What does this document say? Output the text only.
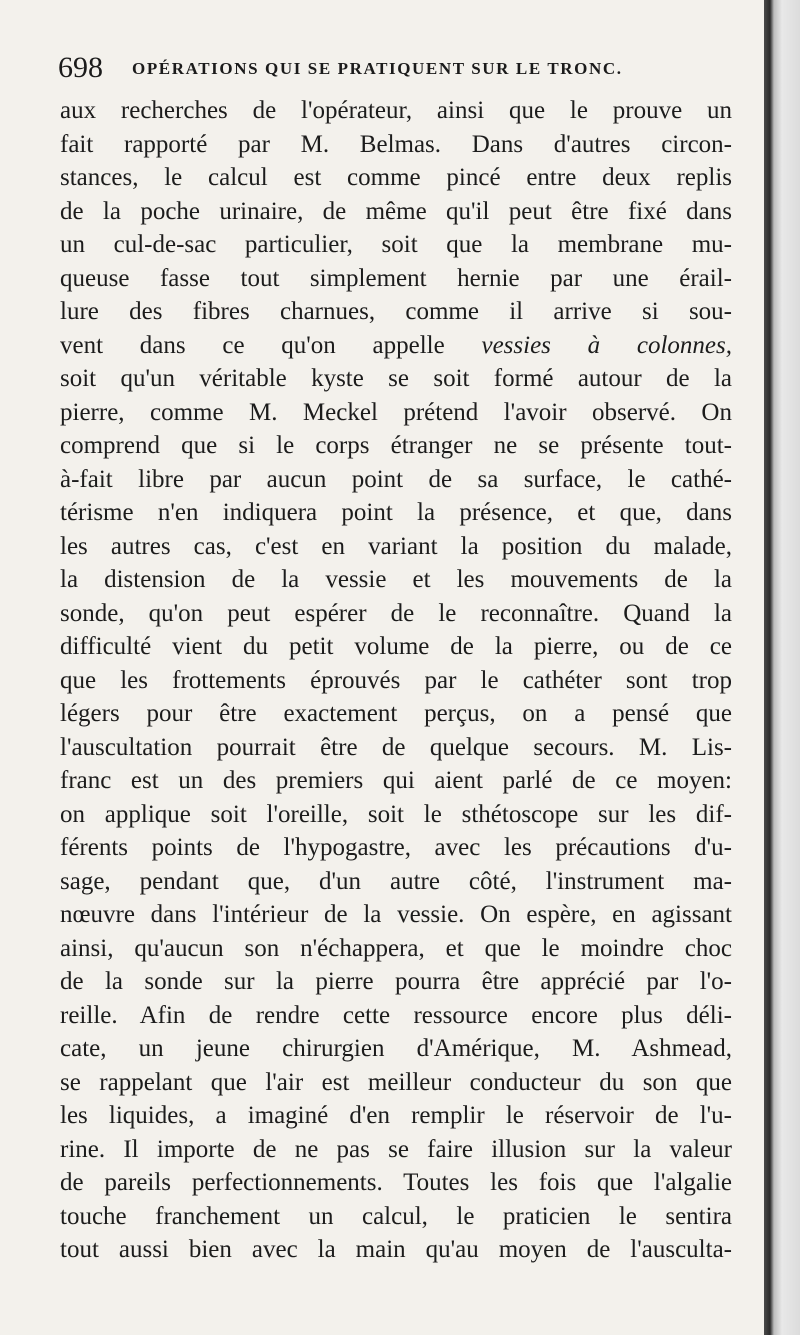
698 OPÉRATIONS QUI SE PRATIQUENT SUR LE TRONC.
aux recherches de l'opérateur, ainsi que le prouve un
fait rapporté par M. Belmas. Dans d'autres circon-
stances, le calcul est comme pincé entre deux replis
de la poche urinaire, de même qu'il peut être fixé dans
un cul-de-sac particulier, soit que la membrane mu-
queuse fasse tout simplement hernie par une érail-
lure des fibres charnues, comme il arrive si sou-
vent dans ce qu'on appelle vessies à colonnes,
soit qu'un véritable kyste se soit formé autour de la
pierre, comme M. Meckel prétend l'avoir observé. On
comprend que si le corps étranger ne se présente tout-
à-fait libre par aucun point de sa surface, le cathé-
térisme n'en indiquera point la présence, et que, dans
les autres cas, c'est en variant la position du malade,
la distension de la vessie et les mouvements de la
sonde, qu'on peut espérer de le reconnaître. Quand la
difficulté vient du petit volume de la pierre, ou de ce
que les frottements éprouvés par le cathéter sont trop
légers pour être exactement perçus, on a pensé que
l'auscultation pourrait être de quelque secours. M. Lis-
franc est un des premiers qui aient parlé de ce moyen:
on applique soit l'oreille, soit le sthétoscope sur les dif-
férents points de l'hypogastre, avec les précautions d'u-
sage, pendant que, d'un autre côté, l'instrument ma-
nœuvre dans l'intérieur de la vessie. On espère, en agissant
ainsi, qu'aucun son n'échappera, et que le moindre choc
de la sonde sur la pierre pourra être apprécié par l'o-
reille. Afin de rendre cette ressource encore plus déli-
cate, un jeune chirurgien d'Amérique, M. Ashmead,
se rappelant que l'air est meilleur conducteur du son que
les liquides, a imaginé d'en remplir le réservoir de l'u-
rine. Il importe de ne pas se faire illusion sur la valeur
de pareils perfectionnements. Toutes les fois que l'algalie
touche franchement un calcul, le praticien le sentira
tout aussi bien avec la main qu'au moyen de l'ausculta-
